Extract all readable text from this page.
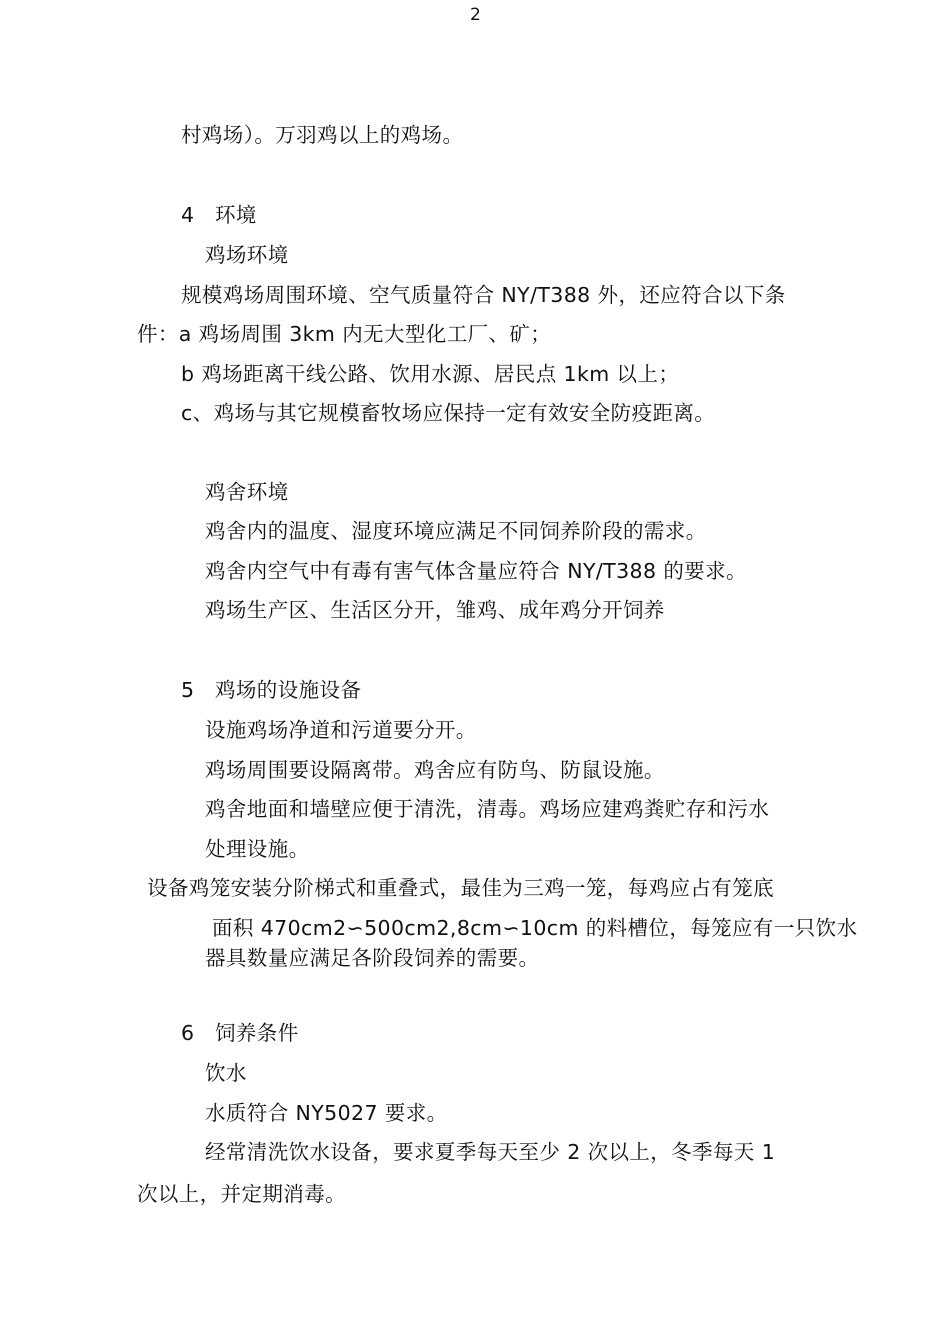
2
村鸡场）。万羽鸡以上的鸡场。
4 环境
鸡场环境
规模鸡场周围环境、空气质量符合 NY/T388 外，还应符合以下条
件：a 鸡场周围 3km 内无大型化工厂、矿；
b 鸡场距离干线公路、饮用水源、居民点 1km 以上；
c、鸡场与其它规模畜牧场应保持一定有效安全防疫距离。
鸡舍环境
鸡舍内的温度、湿度环境应满足不同饲养阶段的需求。
鸡舍内空气中有毒有害气体含量应符合 NY/T388 的要求。
鸡场生产区、生活区分开，雏鸡、成年鸡分开饲养
5 鸡场的设施设备
设施鸡场净道和污道要分开。
鸡场周围要设隔离带。鸡舍应有防鸟、防鼠设施。
鸡舍地面和墙壁应便于清洗，清毒。鸡场应建鸡粪贮存和污水
处理设施。
设备鸡笼安装分阶梯式和重叠式，最佳为三鸡一笼，每鸡应占有笼底
面积 470cm2∽500cm2,8cm∽10cm 的料槽位，每笼应有一只饮水
器具数量应满足各阶段饲养的需要。
6 饲养条件
饮水
水质符合 NY5027 要求。
经常清洗饮水设备，要求夏季每天至少 2 次以上，冬季每天 1
次以上，并定期消毒。
